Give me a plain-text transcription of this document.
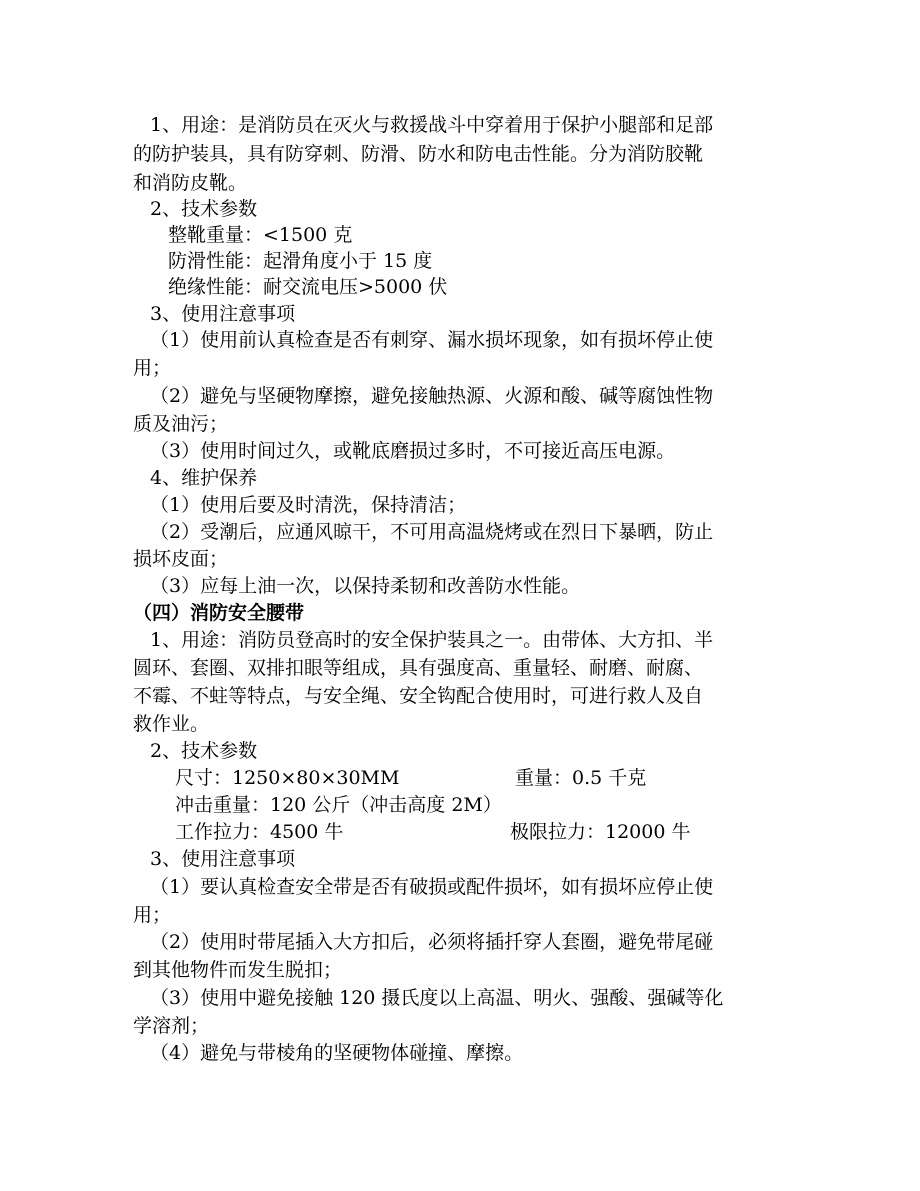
1、用途：是消防员在灭火与救援战斗中穿着用于保护小腿部和足部
的防护装具，具有防穿刺、防滑、防水和防电击性能。分为消防胶靴
和消防皮靴。
2、技术参数
整靴重量：<1500 克
防滑性能：起滑角度小于 15 度
绝缘性能：耐交流电压>5000 伏
3、使用注意事项
（1）使用前认真检查是否有刺穿、漏水损坏现象，如有损坏停止使
用；
（2）避免与坚硬物摩擦，避免接触热源、火源和酸、碱等腐蚀性物
质及油污；
（3）使用时间过久，或靴底磨损过多时，不可接近高压电源。
4、维护保养
（1）使用后要及时清洗，保持清洁；
（2）受潮后，应通风晾干，不可用高温烧烤或在烈日下暴晒，防止
损坏皮面；
（3）应每上油一次，以保持柔韧和改善防水性能。
（四）消防安全腰带
1、用途：消防员登高时的安全保护装具之一。由带体、大方扣、半
圆环、套圈、双排扣眼等组成，具有强度高、重量轻、耐磨、耐腐、
不霉、不蛀等特点，与安全绳、安全钩配合使用时，可进行救人及自
救作业。
2、技术参数
尺寸：1250×80×30MM	重量：0.5 千克
冲击重量：120 公斤（冲击高度 2M）
工作拉力：4500 牛	极限拉力：12000 牛
3、使用注意事项
（1）要认真检查安全带是否有破损或配件损坏，如有损坏应停止使
用；
（2）使用时带尾插入大方扣后，必须将插扦穿人套圈，避免带尾碰
到其他物件而发生脱扣；
（3）使用中避免接触 120 摄氏度以上高温、明火、强酸、强碱等化
学溶剂；
（4）避免与带棱角的坚硬物体碰撞、摩擦。
